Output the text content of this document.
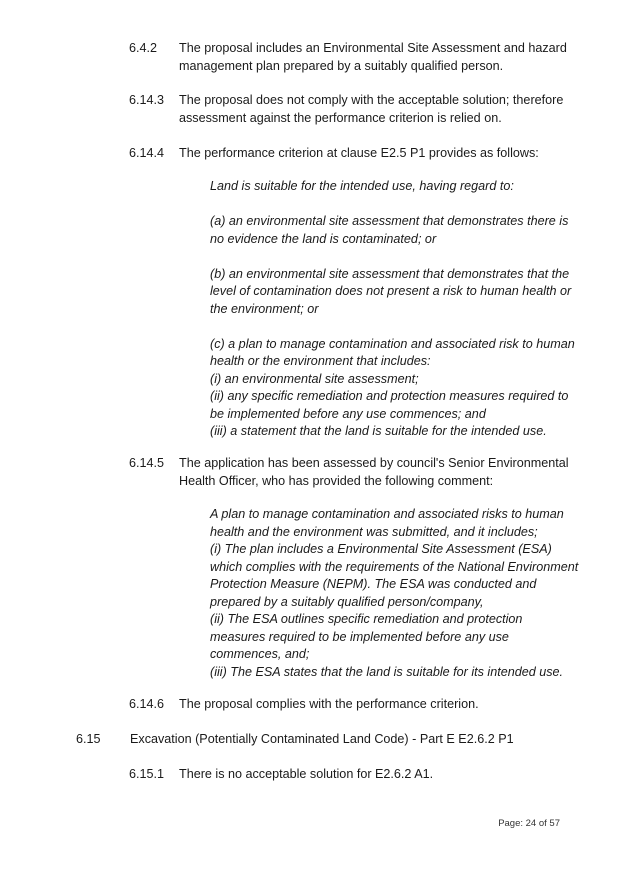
6.4.2 The proposal includes an Environmental Site Assessment and hazard management plan prepared by a suitably qualified person.
6.14.3 The proposal does not comply with the acceptable solution; therefore assessment against the performance criterion is relied on.
6.14.4 The performance criterion at clause E2.5 P1 provides as follows:

Land is suitable for the intended use, having regard to:

(a) an environmental site assessment that demonstrates there is no evidence the land is contaminated; or

(b) an environmental site assessment that demonstrates that the level of contamination does not present a risk to human health or the environment; or

(c) a plan to manage contamination and associated risk to human health or the environment that includes:

(i) an environmental site assessment;

(ii) any specific remediation and protection measures required to be implemented before any use commences; and

(iii) a statement that the land is suitable for the intended use.

6.14.5 The application has been assessed by council's Senior Environmental Health Officer, who has provided the following comment:

A plan to manage contamination and associated risks to human health and the environment was submitted, and it includes;

(i) The plan includes a Environmental Site Assessment (ESA) which complies with the requirements of the National Environment Protection Measure (NEPM). The ESA was conducted and prepared by a suitably qualified person/company,

(ii) The ESA outlines specific remediation and protection measures required to be implemented before any use commences, and;

(iii) The ESA states that the land is suitable for its intended use.

6.14.6 The proposal complies with the performance criterion.
6.15 Excavation (Potentially Contaminated Land Code) - Part E E2.6.2 P1
6.15.1 There is no acceptable solution for E2.6.2 A1.
Page: 24 of 57
